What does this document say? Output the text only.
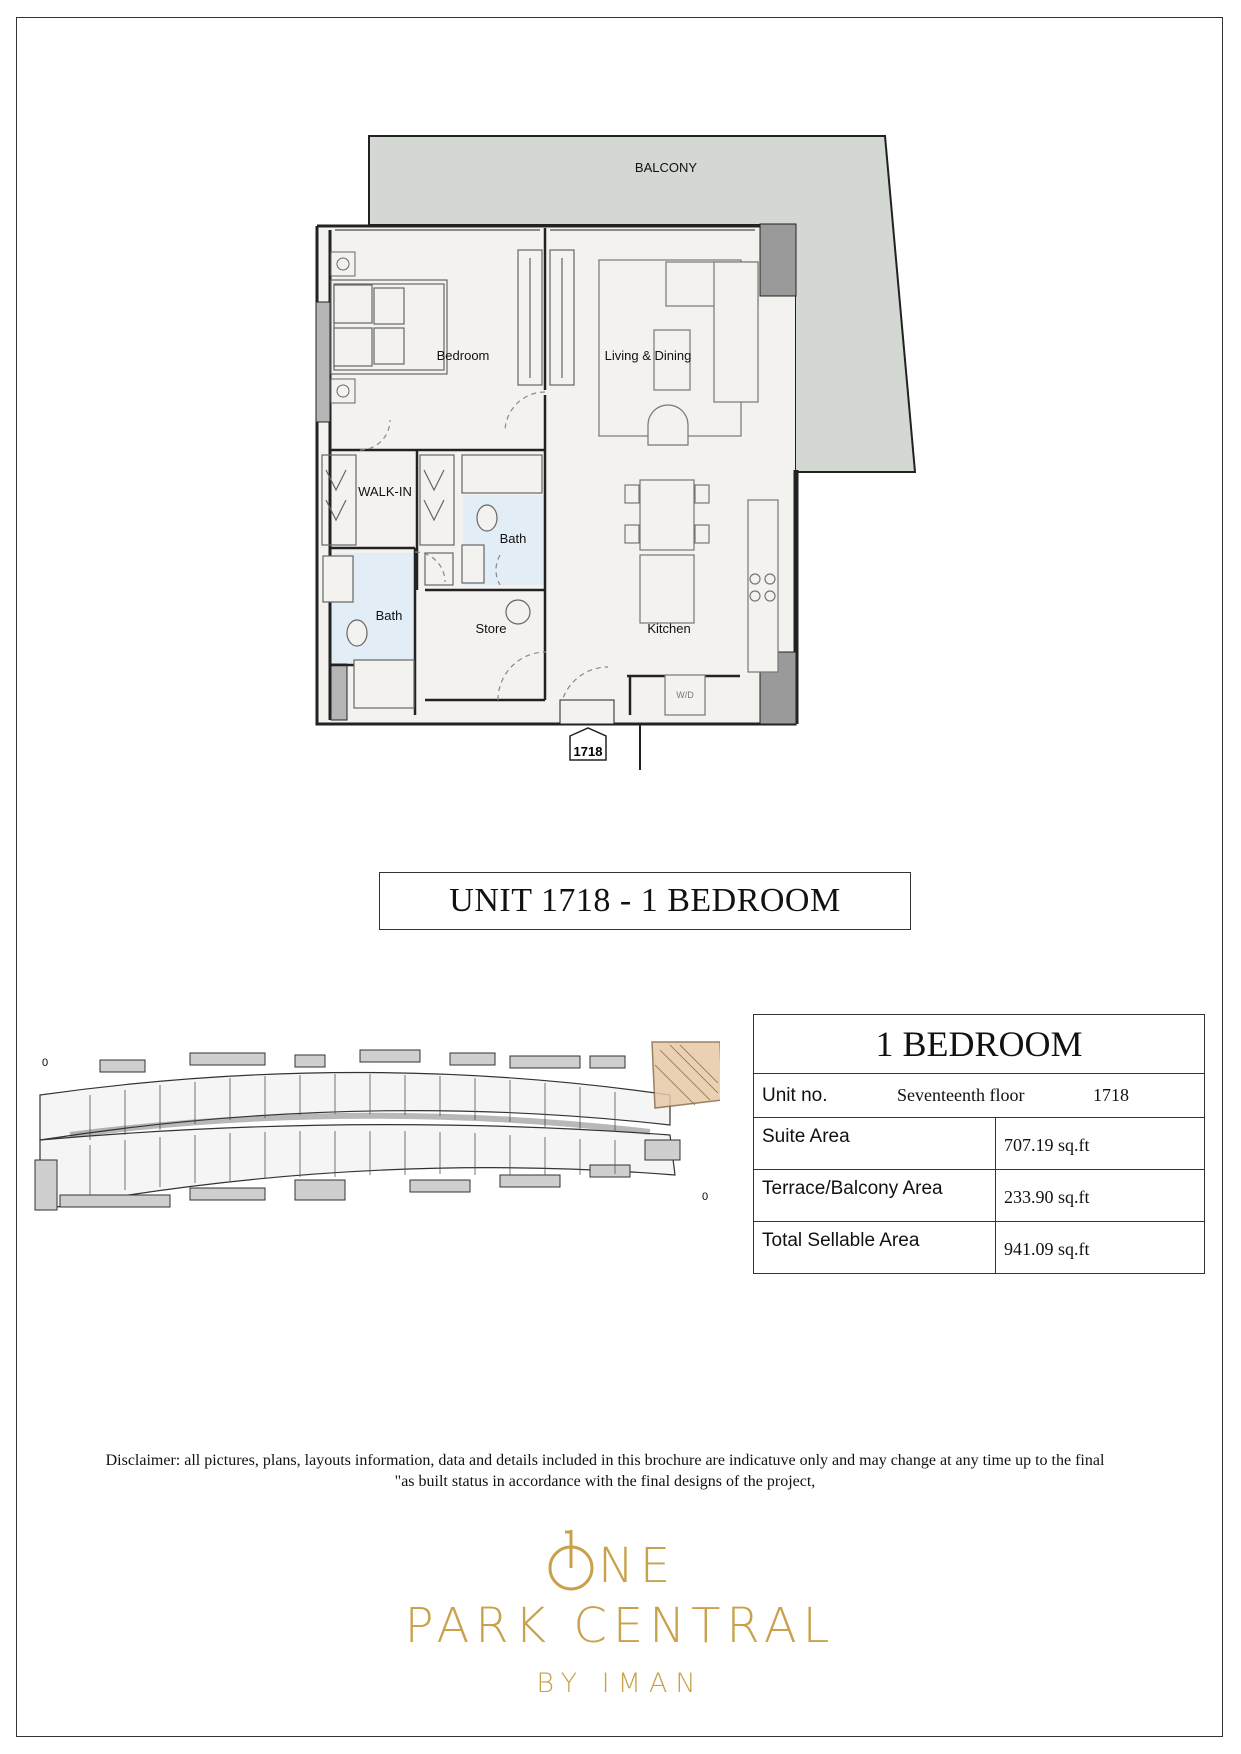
1718
BALCONY
Bedroom	Living & Dining
WALK-IN
Bath
Bath
Store	Kitchen
W/D
UNIT 1718 - 1 BEDROOM
0
0
1 BEDROOM	

Unit no. Seventeenth floor 1718	

Suite Area	707.19 sq.ft
Terrace/Balcony Area	233.90 sq.ft
Total Sellable Area	941.09 sq.ft
Disclaimer: all pictures, plans, layouts information, data and details included in this brochure are indicatuve only and may change at any time up to the final
"as built status in accordance with the final designs of the project,
NE
PARK CENTRAL
BY IMAN
